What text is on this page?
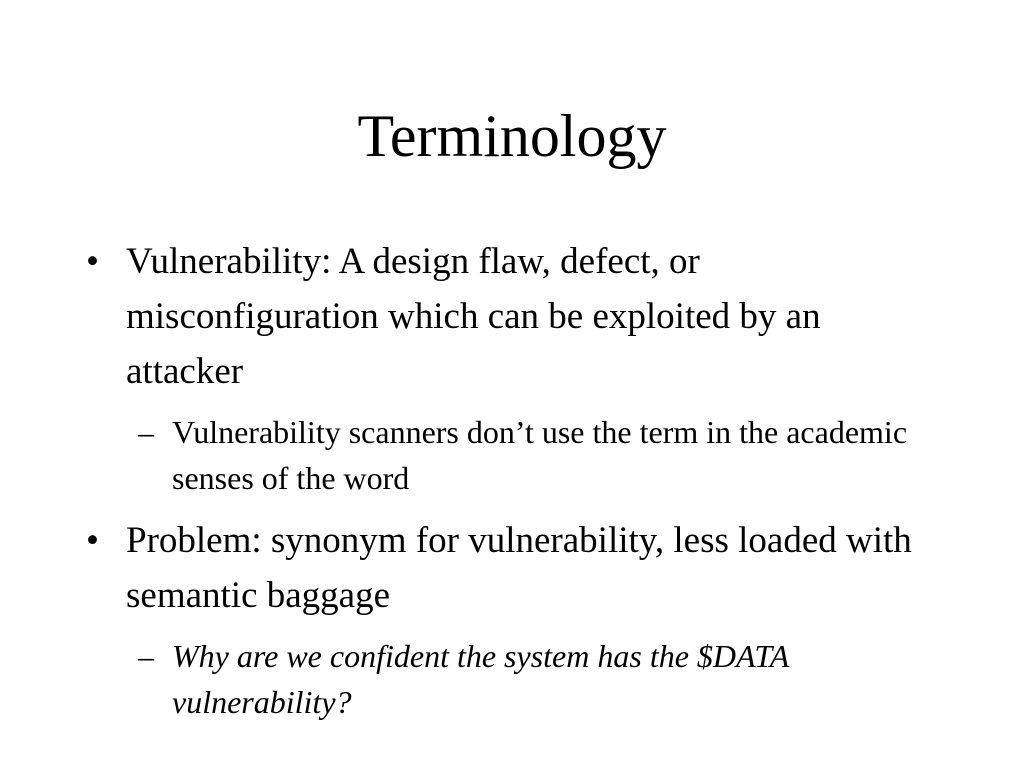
Terminology
• Vulnerability: A design flaw, defect, or misconfiguration which can be exploited by an attacker
– Vulnerability scanners don’t use the term in the academic senses of the word
• Problem: synonym for vulnerability, less loaded with semantic baggage
– Why are we confident the system has the $DATA vulnerability?
